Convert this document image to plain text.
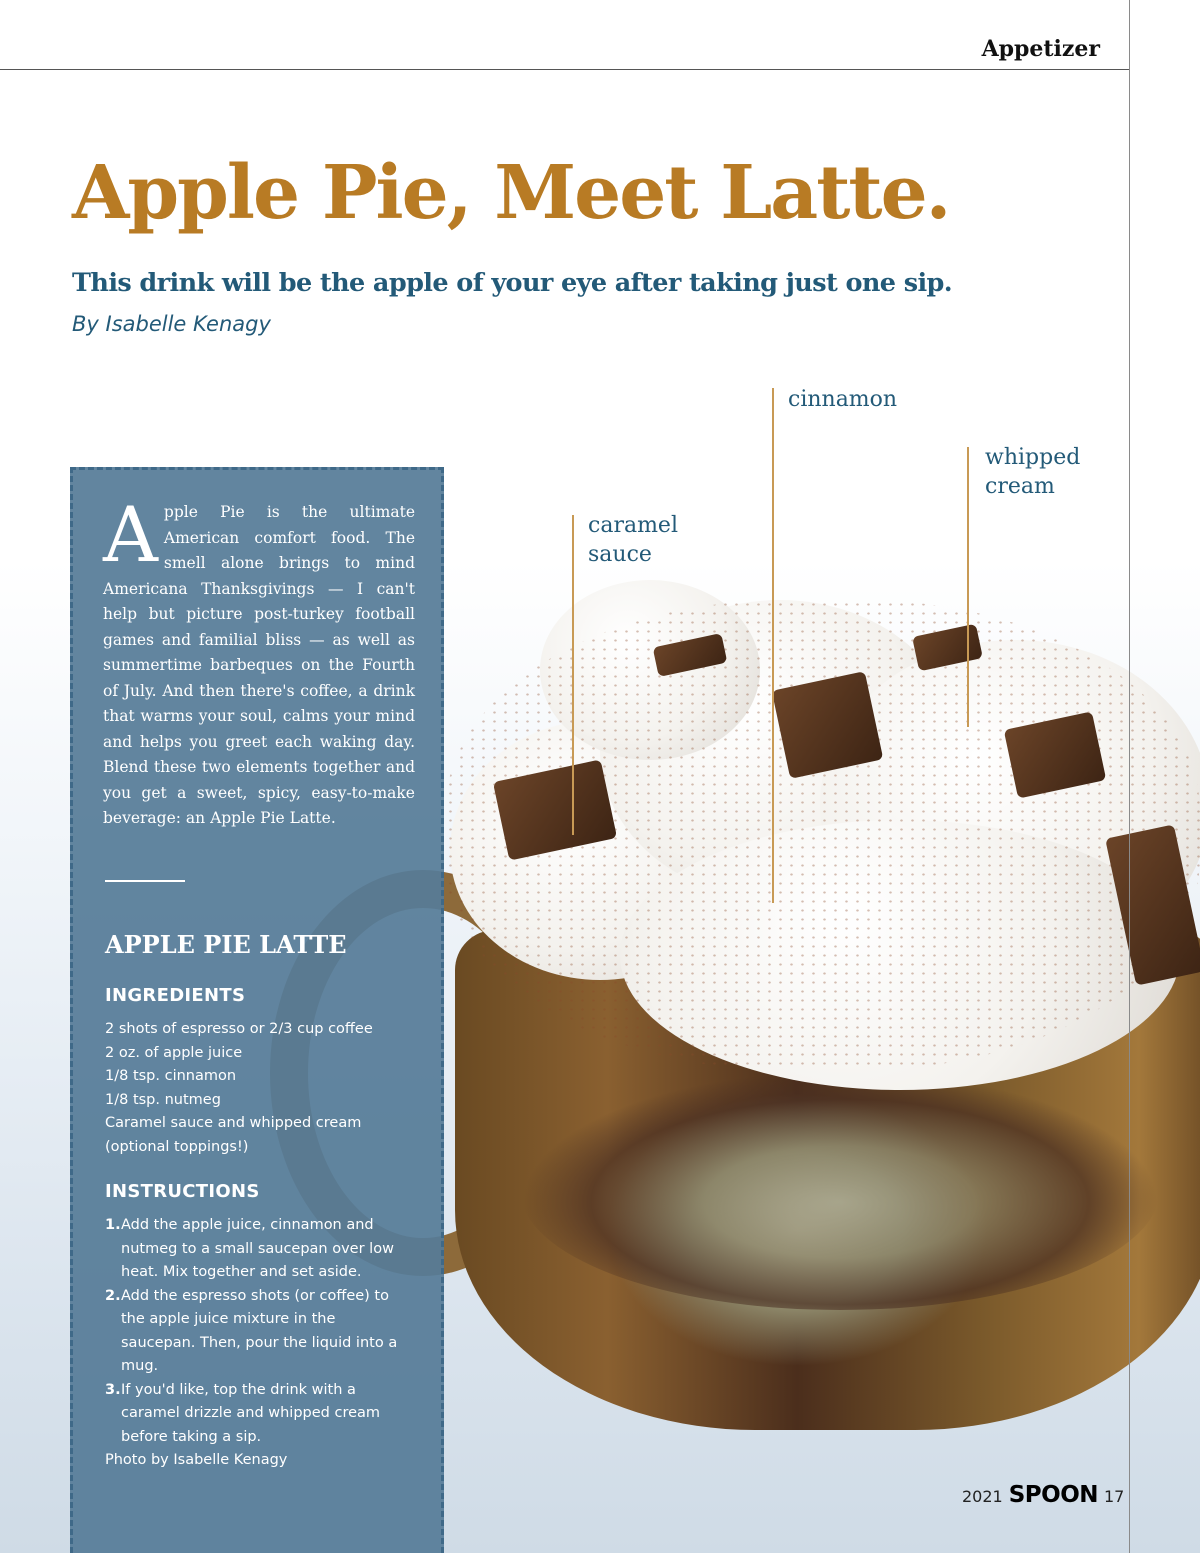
Appetizer
Apple Pie, Meet Latte.
This drink will be the apple of your eye after taking just one sip.
By Isabelle Kenagy
caramel
sauce
cinnamon
whipped
cream

Apple Pie is the ultimate American comfort food. The smell alone brings to mind Americana Thanksgivings — I can't help but picture post-turkey football games and familial bliss — as well as summertime barbeques on the Fourth of July. And then there's coffee, a drink that warms your soul, calms your mind and helps you greet each waking day. Blend these two elements together and you get a sweet, spicy, easy-to-make beverage: an Apple Pie Latte.

APPLE PIE LATTE
INGREDIENTS
2 shots of espresso or 2/3 cup coffee
2 oz. of apple juice
1/8 tsp. cinnamon
1/8 tsp. nutmeg
Caramel sauce and whipped cream
(optional toppings!)
INSTRUCTIONS
1. Add the apple juice, cinnamon and nutmeg to a small saucepan over low heat. Mix together and set aside.
2. Add the espresso shots (or coffee) to the apple juice mixture in the saucepan. Then, pour the liquid into a mug.
3. If you'd like, top the drink with a caramel drizzle and whipped cream before taking a sip.
Photo by Isabelle Kenagy
2021 SPOON 17
